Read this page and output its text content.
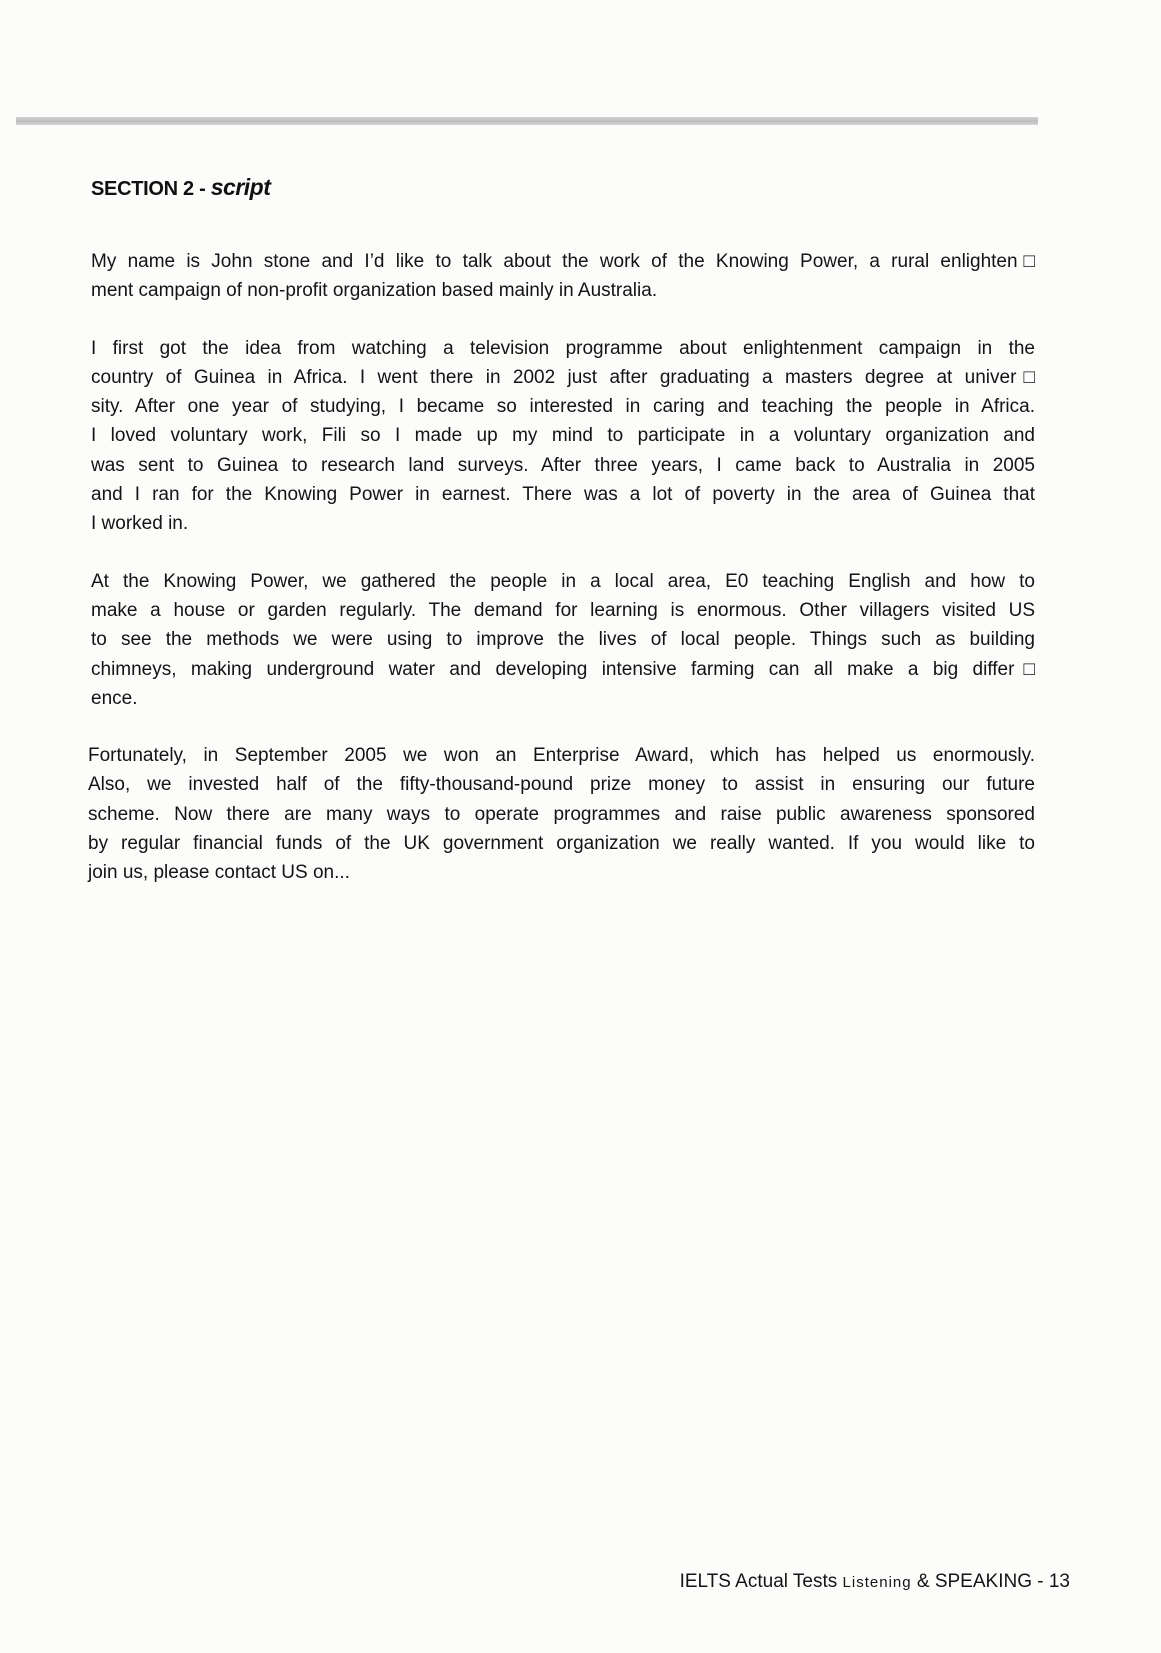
SECTION 2 - script

My name is John stone and I’d like to talk about the work of the Knowing Power, a rural enlighten□
ment campaign of non-profit organization based mainly in Australia.

I first got the idea from watching a television programme about enlightenment campaign in the
country of Guinea in Africa. I went there in 2002 just after graduating a masters degree at univer□
sity. After one year of studying, I became so interested in caring and teaching the people in Africa.
I loved voluntary work, Fili so I made up my mind to participate in a voluntary organization and
was sent to Guinea to research land surveys. After three years, I came back to Australia in 2005
and I ran for the Knowing Power in earnest. There was a lot of poverty in the area of Guinea that
I worked in.

At the Knowing Power, we gathered the people in a local area, E0 teaching English and how to
make a house or garden regularly. The demand for learning is enormous. Other villagers visited US
to see the methods we were using to improve the lives of local people. Things such as building
chimneys, making underground water and developing intensive farming can all make a big differ□
ence.

Fortunately, in September 2005 we won an Enterprise Award, which has helped us enormously.
Also, we invested half of the fifty-thousand-pound prize money to assist in ensuring our future
scheme. Now there are many ways to operate programmes and raise public awareness sponsored
by regular financial funds of the UK government organization we really wanted. If you would like to
join us, please contact US on...

IELTS Actual Tests Listening & SPEAKING - 13
